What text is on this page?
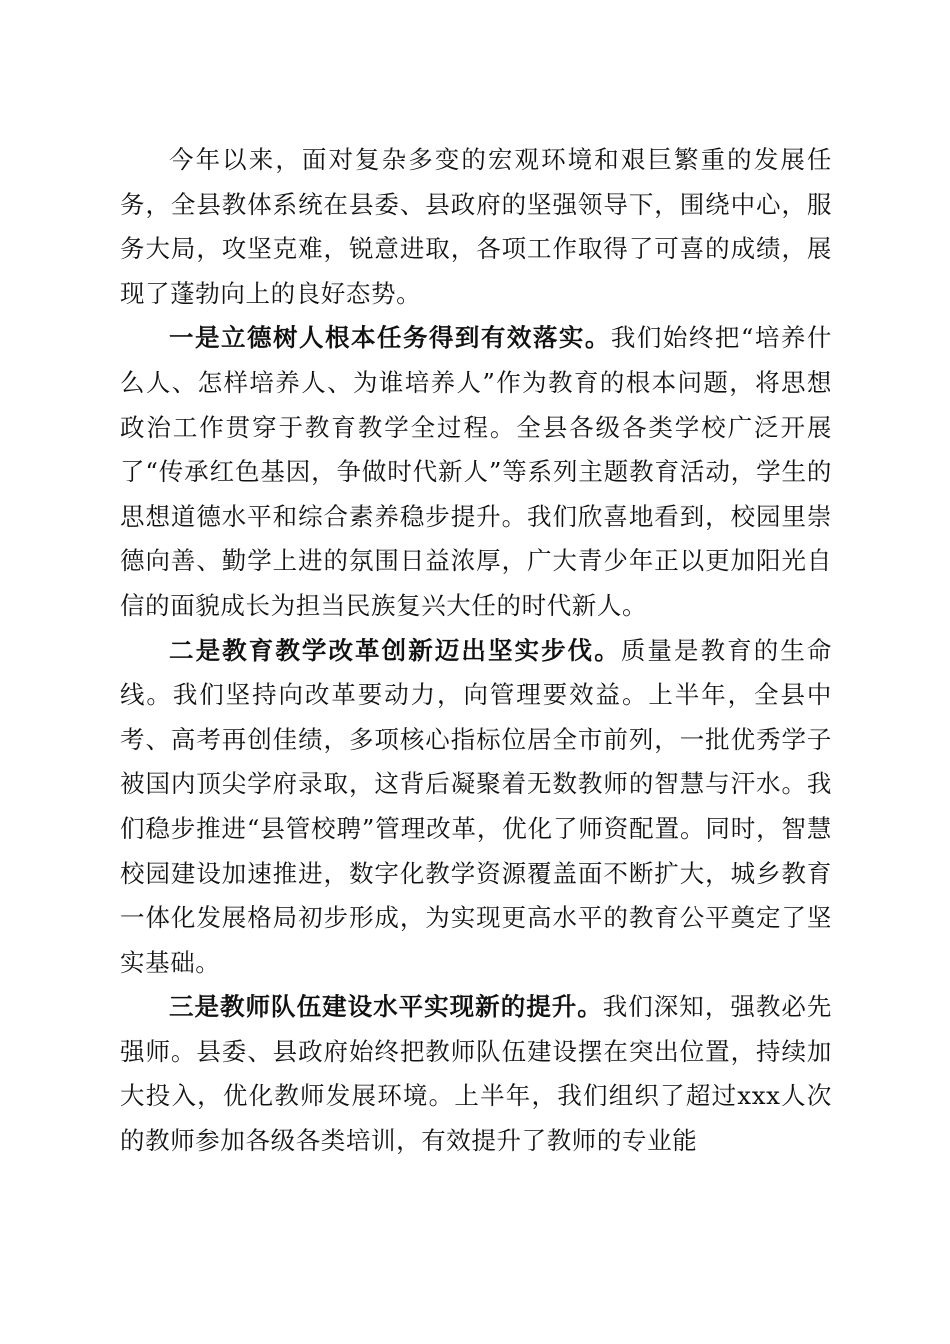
今年以来，面对复杂多变的宏观环境和艰巨繁重的发展任务，全县教体系统在县委、县政府的坚强领导下，围绕中心，服务大局，攻坚克难，锐意进取，各项工作取得了可喜的成绩，展现了蓬勃向上的良好态势。

一是立德树人根本任务得到有效落实。我们始终把“培养什么人、怎样培养人、为谁培养人”作为教育的根本问题，将思想政治工作贯穿于教育教学全过程。全县各级各类学校广泛开展了“传承红色基因，争做时代新人”等系列主题教育活动，学生的思想道德水平和综合素养稳步提升。我们欣喜地看到，校园里崇德向善、勤学上进的氛围日益浓厚，广大青少年正以更加阳光自信的面貌成长为担当民族复兴大任的时代新人。

二是教育教学改革创新迈出坚实步伐。质量是教育的生命线。我们坚持向改革要动力，向管理要效益。上半年，全县中考、高考再创佳绩，多项核心指标位居全市前列，一批优秀学子被国内顶尖学府录取，这背后凝聚着无数教师的智慧与汗水。我们稳步推进“县管校聘”管理改革，优化了师资配置。同时，智慧校园建设加速推进，数字化教学资源覆盖面不断扩大，城乡教育一体化发展格局初步形成，为实现更高水平的教育公平奠定了坚实基础。

三是教师队伍建设水平实现新的提升。我们深知，强教必先强师。县委、县政府始终把教师队伍建设摆在突出位置，持续加大投入，优化教师发展环境。上半年，我们组织了超过xxx人次的教师参加各级各类培训，有效提升了教师的专业能
